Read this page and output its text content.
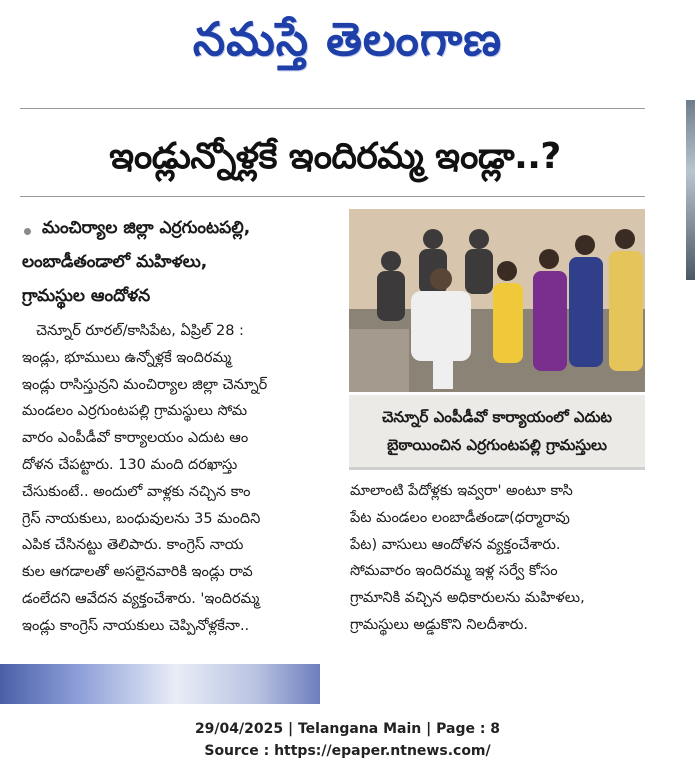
నమస్తే తెలంగాణ
ఇండ్లున్నోళ్లకే ఇందిరమ్మ ఇండ్లా..?
మంచిర్యాల జిల్లా ఎర్రగుంటపల్లి,
లంబాడీతండాలో మహిళలు,
గ్రామస్థుల ఆందోళన
చెన్నూర్ రూరల్/కాసిపేట, ఏప్రిల్ 28 :
ఇండ్లు, భూములు ఉన్నోళ్లకే ఇందిరమ్మ
ఇండ్లు రాసిస్తున్రని మంచిర్యాల జిల్లా చెన్నూర్
మండలం ఎర్రగుంటపల్లి గ్రామస్థులు సోమ
వారం ఎంపీడీవో కార్యాలయం ఎదుట ఆం
దోళన చేపట్టారు. 130 మంది దరఖాస్తు
చేసుకుంటే.. అందులో వాళ్లకు నచ్చిన కాం
గ్రెస్ నాయకులు, బంధువులను 35 మందిని
ఎపిక చేసినట్టు తెలిపారు. కాంగ్రెస్ నాయ
కుల ఆగడాలతో అసలైనవారికి ఇండ్లు రావ
డంలేదని ఆవేదన వ్యక్తంచేశారు. 'ఇందిరమ్మ
ఇండ్లు కాంగ్రెస్ నాయకులు చెప్పినోళ్లకేనా..
చెన్నూర్ ఎంపీడీవో కార్యాయంలో ఎదుట
బైఠాయించిన ఎర్రగుంటపల్లి గ్రామస్తులు
మాలాంటి పేదోళ్లకు ఇవ్వరా' అంటూ కాసి
పేట మండలం లంబాడీతండా(ధర్మారావు
పేట) వాసులు ఆందోళన వ్యక్తంచేశారు.
సోమవారం ఇందిరమ్మ ఇళ్ల సర్వే కోసం
గ్రామానికి వచ్చిన అధికారులను మహిళలు,
గ్రామస్థులు అడ్డుకొని నిలదీశారు.
29/04/2025 | Telangana Main | Page : 8
Source : https://epaper.ntnews.com/
